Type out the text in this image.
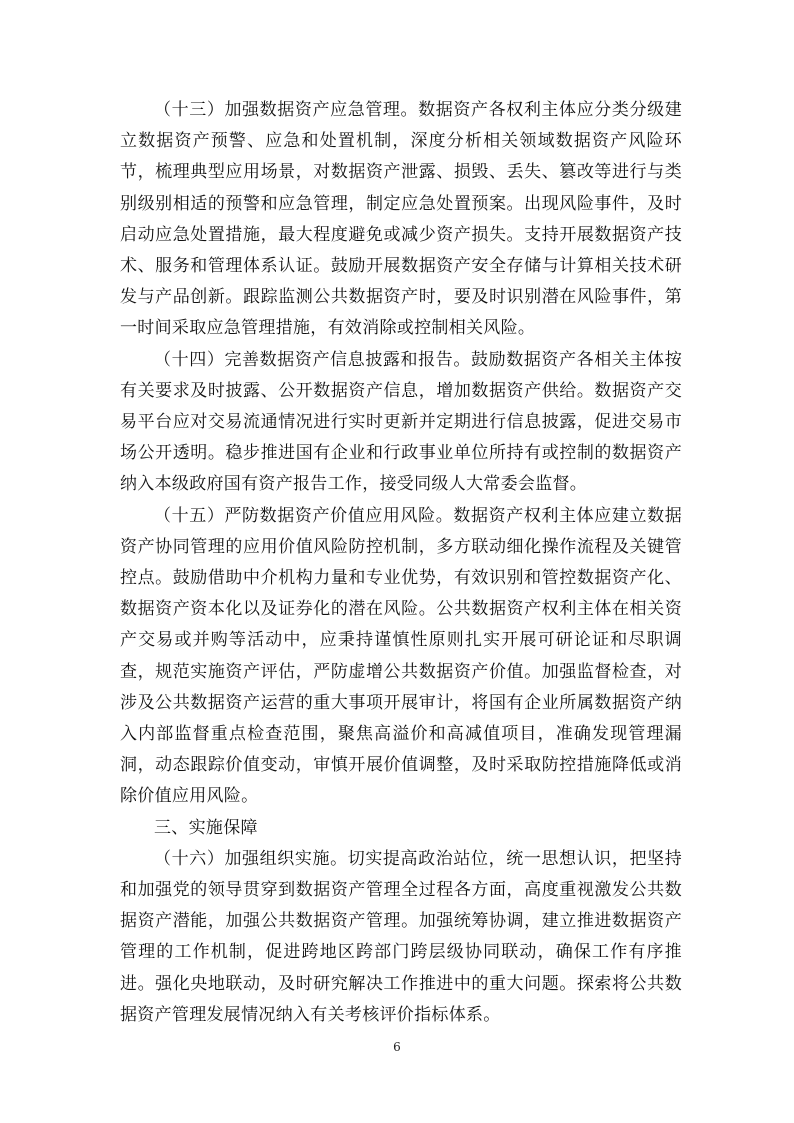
（十三）加强数据资产应急管理。数据资产各权利主体应分类分级建立数据资产预警、应急和处置机制，深度分析相关领域数据资产风险环节，梳理典型应用场景，对数据资产泄露、损毁、丢失、篡改等进行与类别级别相适的预警和应急管理，制定应急处置预案。出现风险事件，及时启动应急处置措施，最大程度避免或减少资产损失。支持开展数据资产技术、服务和管理体系认证。鼓励开展数据资产安全存储与计算相关技术研发与产品创新。跟踪监测公共数据资产时，要及时识别潜在风险事件，第一时间采取应急管理措施，有效消除或控制相关风险。

（十四）完善数据资产信息披露和报告。鼓励数据资产各相关主体按有关要求及时披露、公开数据资产信息，增加数据资产供给。数据资产交易平台应对交易流通情况进行实时更新并定期进行信息披露，促进交易市场公开透明。稳步推进国有企业和行政事业单位所持有或控制的数据资产纳入本级政府国有资产报告工作，接受同级人大常委会监督。

（十五）严防数据资产价值应用风险。数据资产权利主体应建立数据资产协同管理的应用价值风险防控机制，多方联动细化操作流程及关键管控点。鼓励借助中介机构力量和专业优势，有效识别和管控数据资产化、数据资产资本化以及证券化的潜在风险。公共数据资产权利主体在相关资产交易或并购等活动中，应秉持谨慎性原则扎实开展可研论证和尽职调查，规范实施资产评估，严防虚增公共数据资产价值。加强监督检查，对涉及公共数据资产运营的重大事项开展审计，将国有企业所属数据资产纳入内部监督重点检查范围，聚焦高溢价和高减值项目，准确发现管理漏洞，动态跟踪价值变动，审慎开展价值调整，及时采取防控措施降低或消除价值应用风险。

三、实施保障

（十六）加强组织实施。切实提高政治站位，统一思想认识，把坚持和加强党的领导贯穿到数据资产管理全过程各方面，高度重视激发公共数据资产潜能，加强公共数据资产管理。加强统筹协调，建立推进数据资产管理的工作机制，促进跨地区跨部门跨层级协同联动，确保工作有序推进。强化央地联动，及时研究解决工作推进中的重大问题。探索将公共数据资产管理发展情况纳入有关考核评价指标体系。

6
